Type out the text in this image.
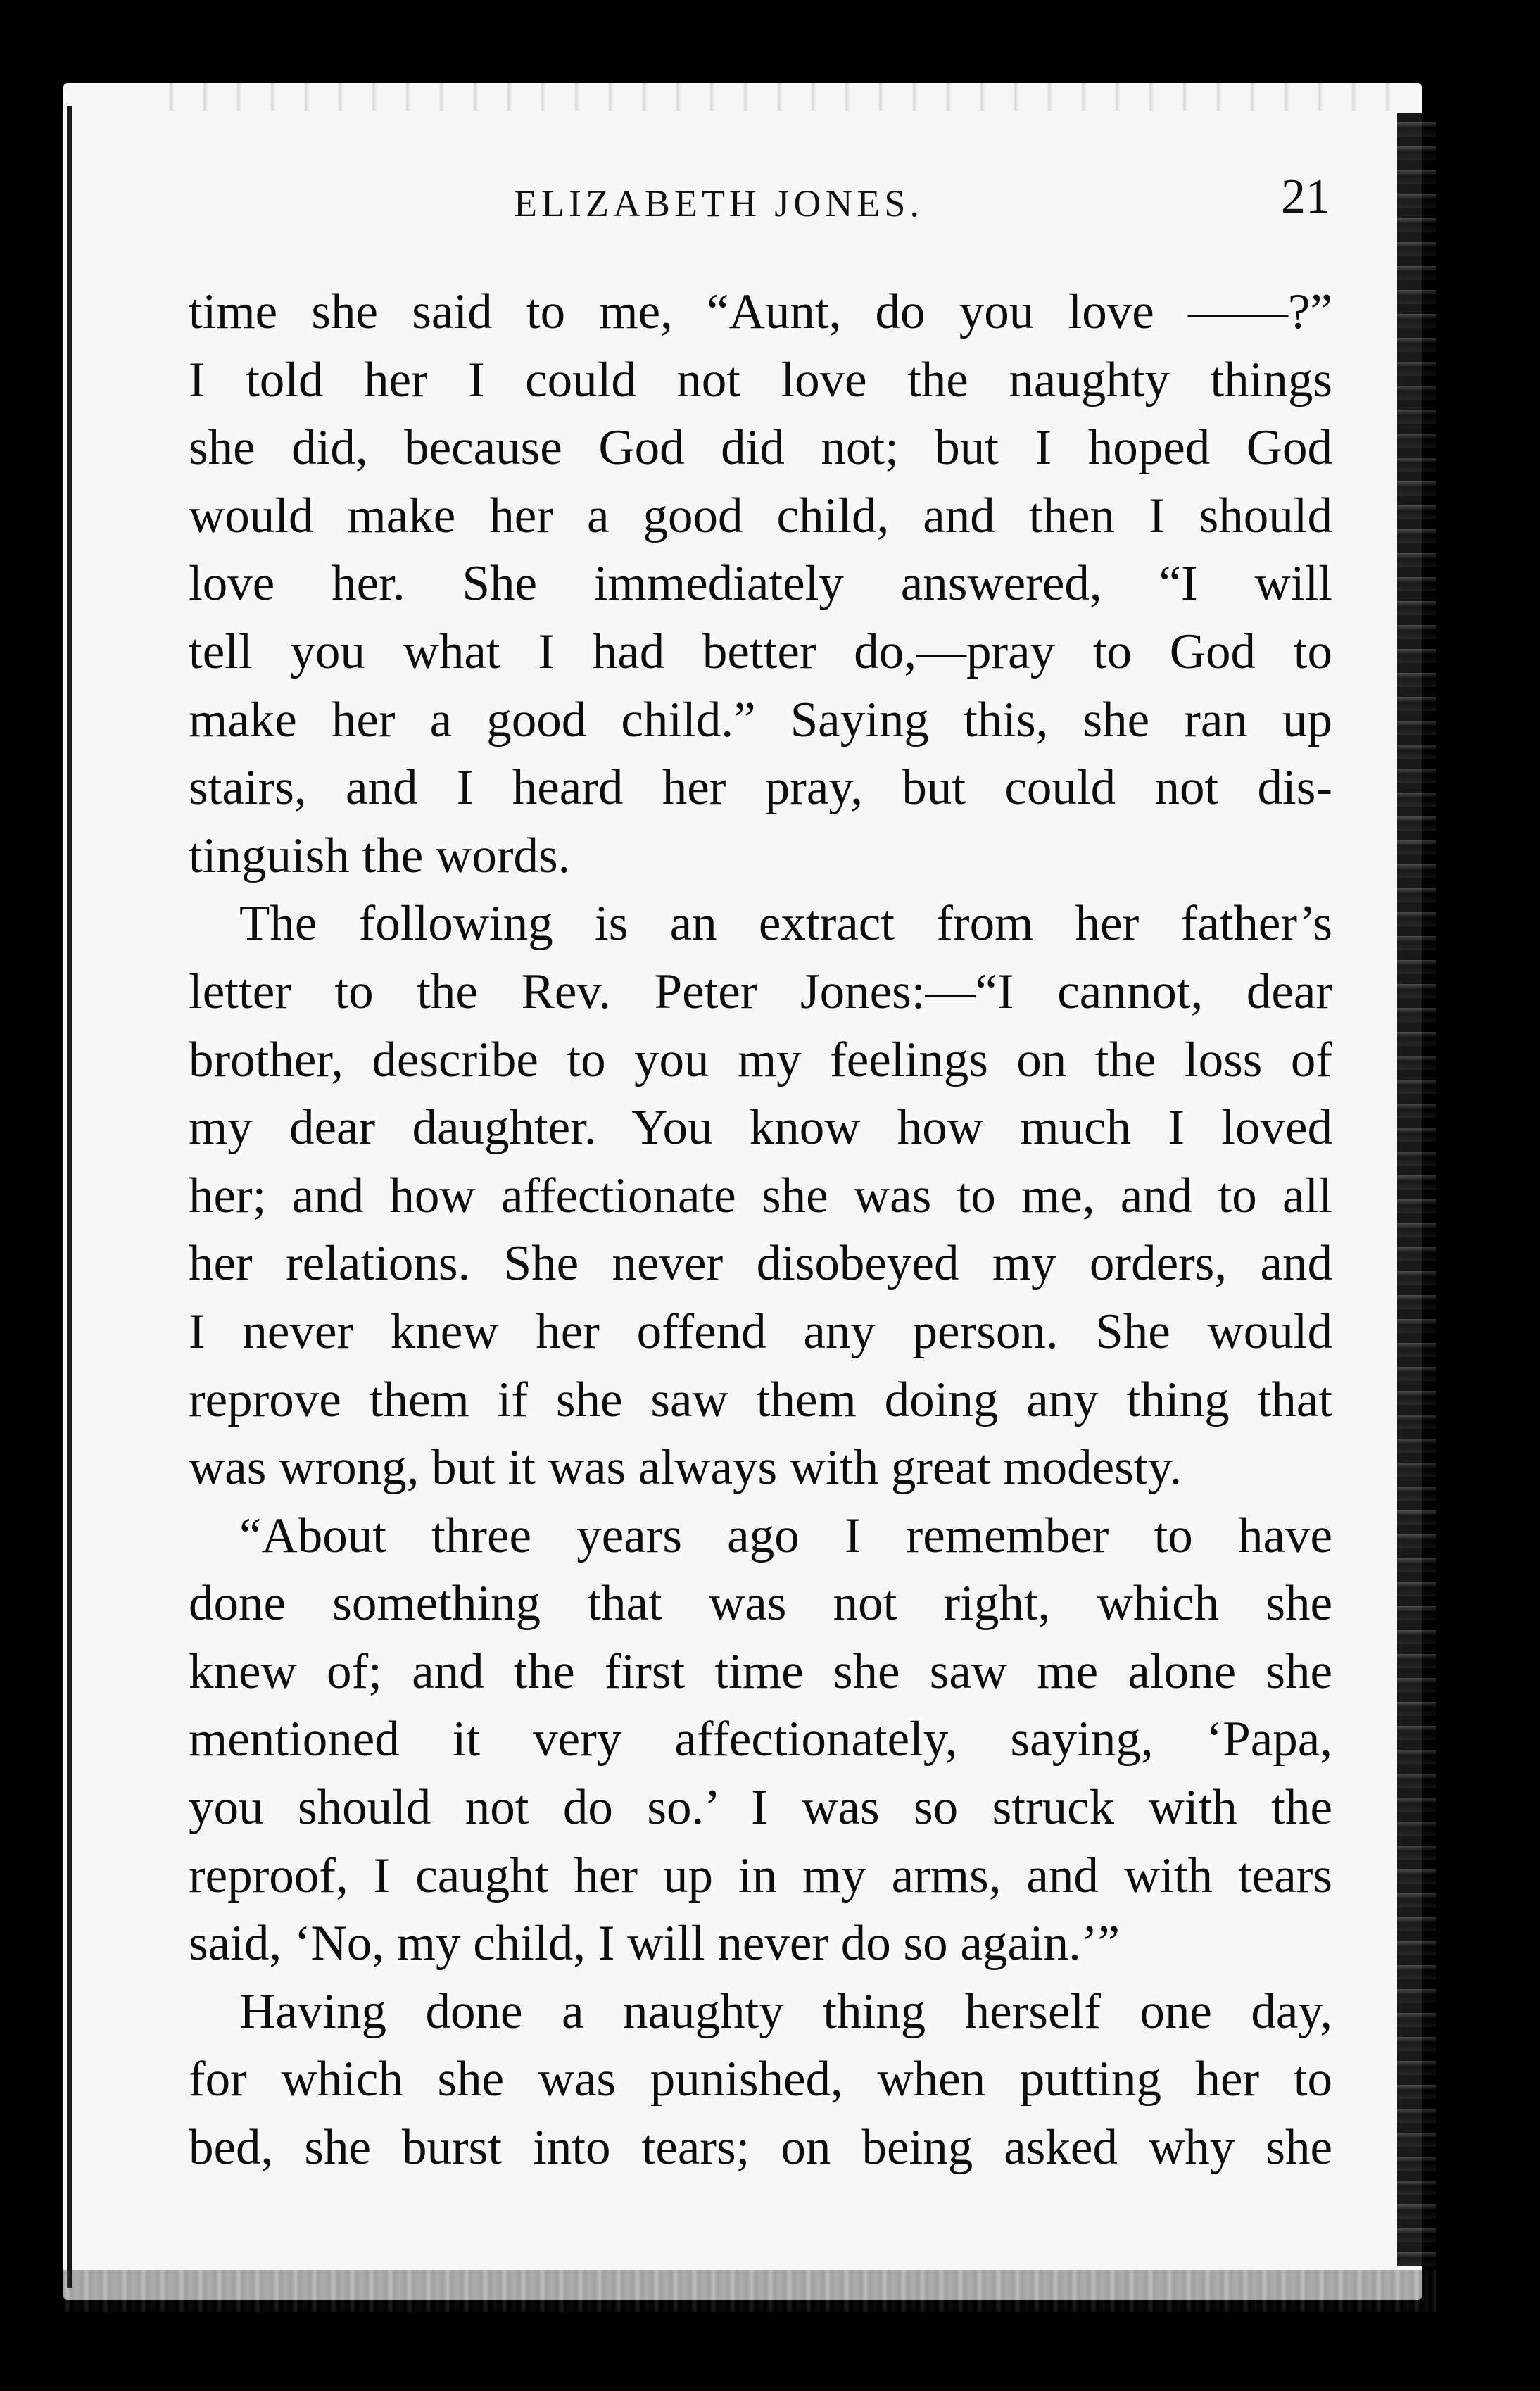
ELIZABETH JONES.	21
time she said to me, “Aunt, do you love ——?”
I told her I could not love the naughty things
she did, because God did not; but I hoped God
would make her a good child, and then I should
love her. She immediately answered, “I will
tell you what I had better do,—pray to God to
make her a good child.” Saying this, she ran up
stairs, and I heard her pray, but could not dis-
tinguish the words.
The following is an extract from her father’s
letter to the Rev. Peter Jones:—“I cannot, dear
brother, describe to you my feelings on the loss of
my dear daughter. You know how much I loved
her; and how affectionate she was to me, and to all
her relations. She never disobeyed my orders, and
I never knew her offend any person. She would
reprove them if she saw them doing any thing that
was wrong, but it was always with great modesty.
“About three years ago I remember to have
done something that was not right, which she
knew of; and the first time she saw me alone she
mentioned it very affectionately, saying, ‘Papa,
you should not do so.’ I was so struck with the
reproof, I caught her up in my arms, and with tears
said, ‘No, my child, I will never do so again.’”
Having done a naughty thing herself one day,
for which she was punished, when putting her to
bed, she burst into tears; on being asked why she
